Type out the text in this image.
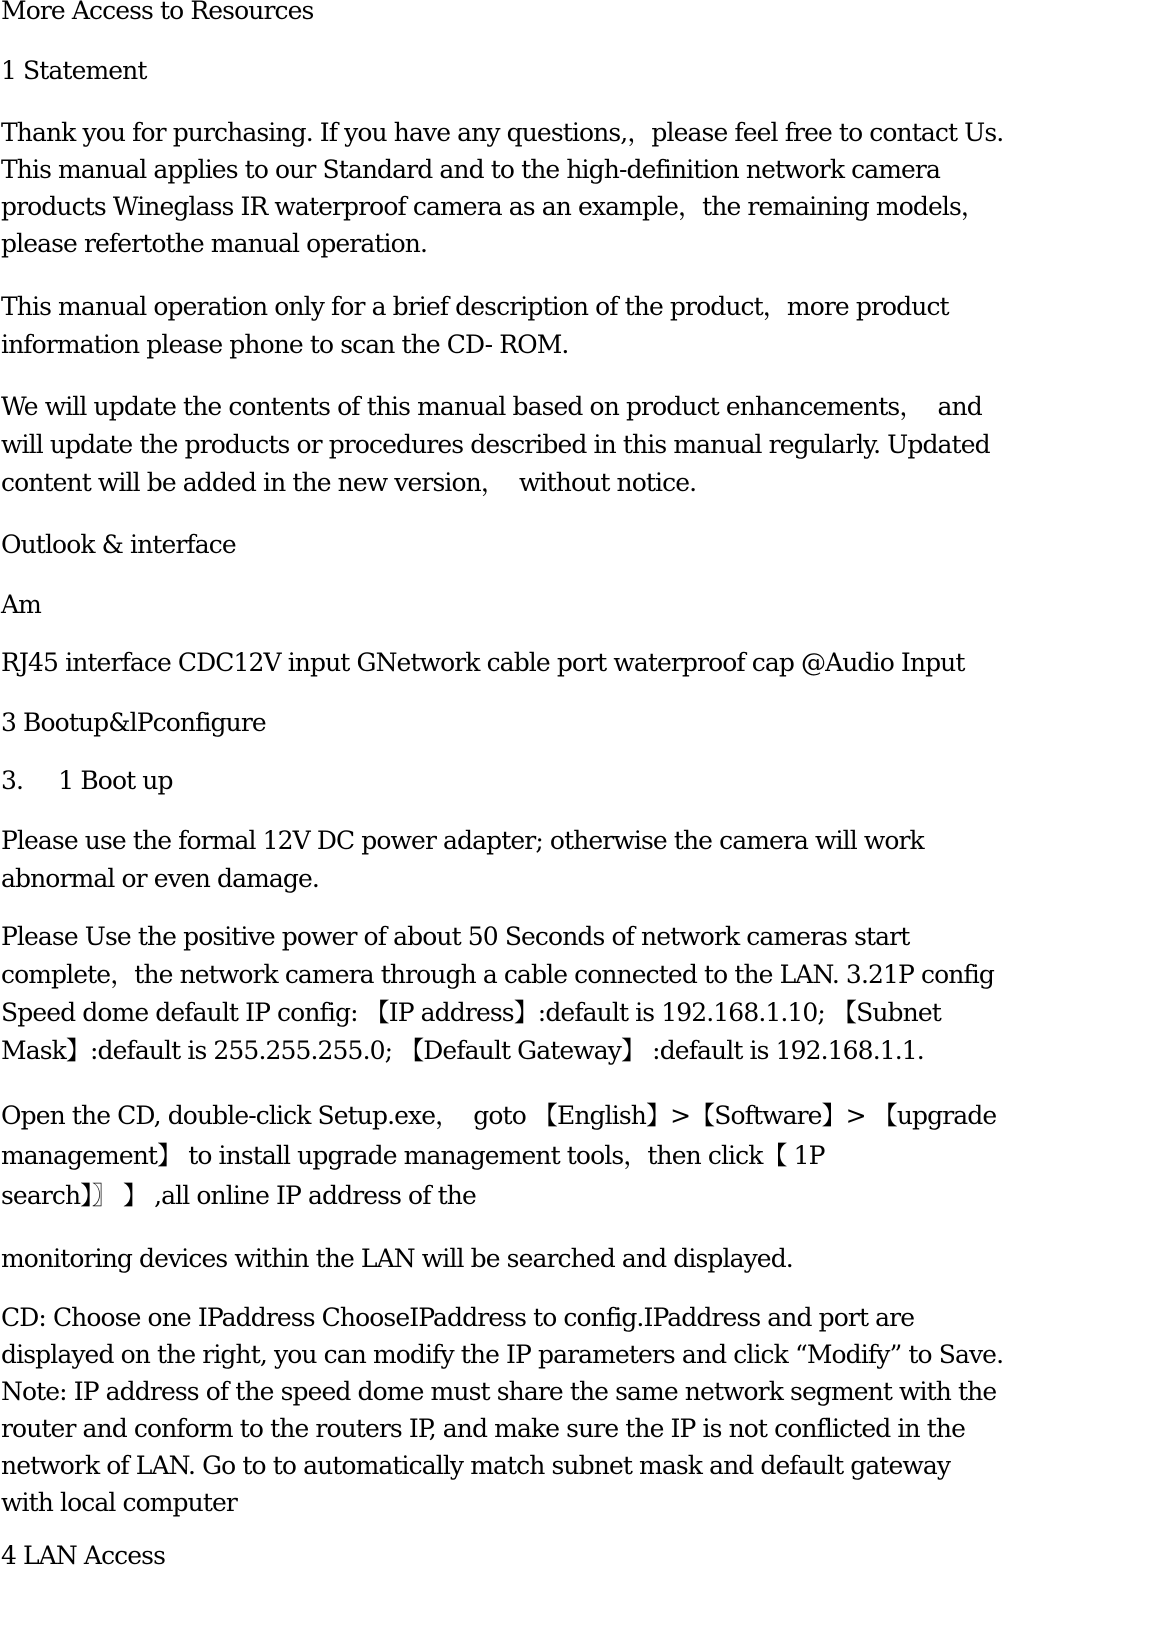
More Access to Resources
1 Statement
Thank you for purchasing. If you have any questions,，please feel free to contact Us.
This manual applies to our Standard and to the high-definition network camera
products Wineglass IR waterproof camera as an example，the remaining models，
please refertothe manual operation.
This manual operation only for a brief description of the product，more product
information please phone to scan the CD- ROM.
We will update the contents of this manual based on product enhancements，  and
will update the products or procedures described in this manual regularly. Updated
content will be added in the new version，  without notice.
Outlook & interface
Am
RJ45 interface CDC12V input GNetwork cable port waterproof cap @Audio Input
3 Bootup&lPconfigure
3.     1 Boot up
Please use the formal 12V DC power adapter; otherwise the camera will work
abnormal or even damage.
Please Use the positive power of about 50 Seconds of network cameras start
complete，the network camera through a cable connected to the LAN. 3.21P config
Speed dome default IP config: 【IP address】:default is 192.168.1.10; 【Subnet
Mask】:default is 255.255.255.0; 【Default Gateway】 :default is 192.168.1.1.
Open the CD, double-click Setup.exe，  goto 【English】>【Software】> 【upgrade
management】 to install upgrade management tools，then click【 1P
search】〗 】 ,all online IP address of the
monitoring devices within the LAN will be searched and displayed.
CD: Choose one IPaddress ChooseIPaddress to config.IPaddress and port are
displayed on the right, you can modify the IP parameters and click “Modify” to Save.
Note: IP address of the speed dome must share the same network segment with the
router and conform to the routers IP, and make sure the IP is not conflicted in the
network of LAN. Go to to automatically match subnet mask and default gateway
with local computer
4 LAN Access
